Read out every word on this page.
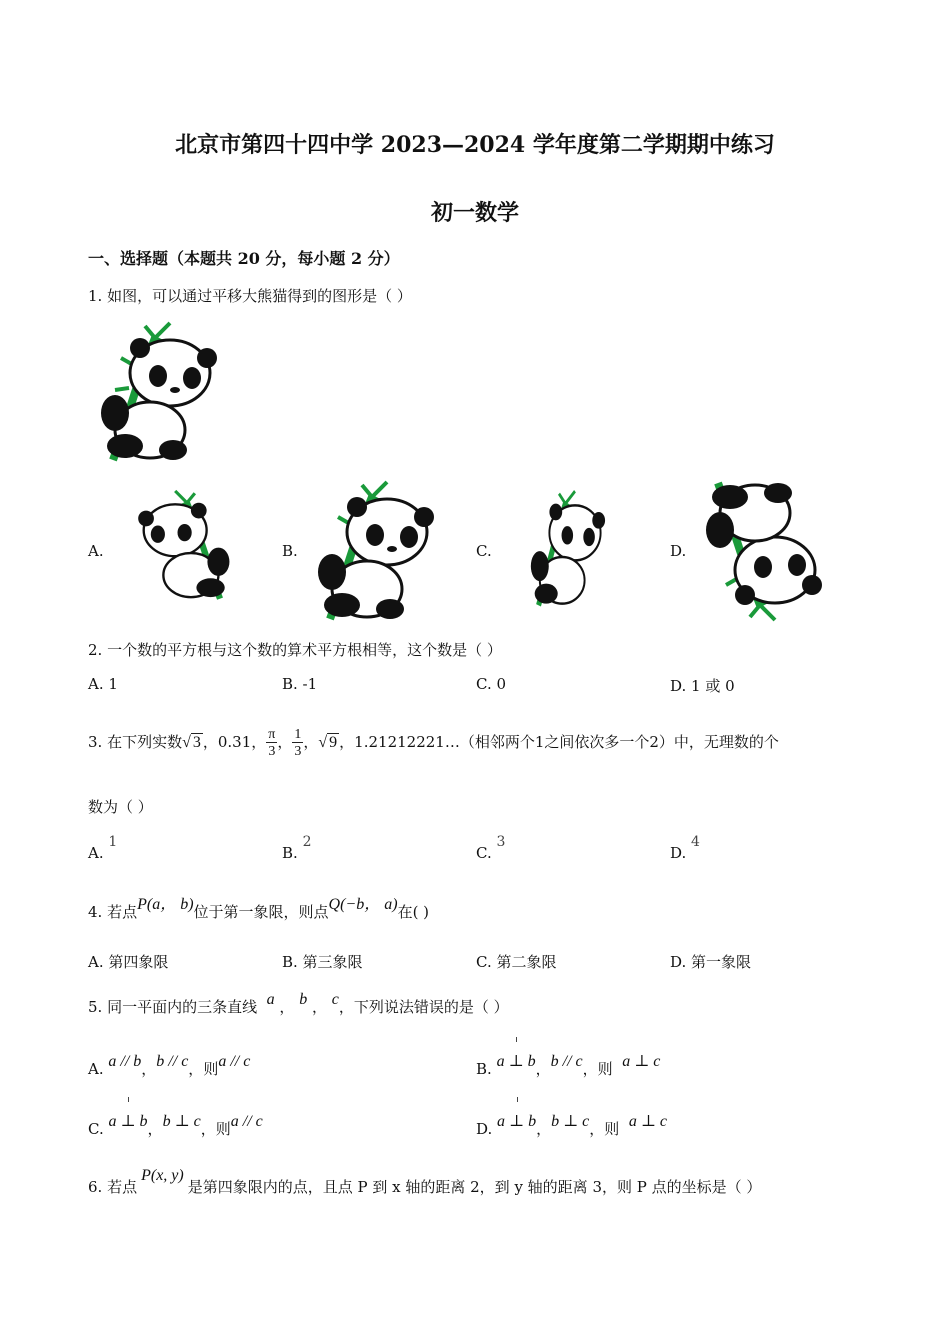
北京市第四十四中学 2023—2024 学年度第二学期期中练习
初一数学
一、选择题（本题共 20 分，每小题 2 分）
1. 如图，可以通过平移大熊猫得到的图形是（ ）
A.	B.	C.	D.
2. 一个数的平方根与这个数的算术平方根相等，这个数是（ ）
A. 1	B. -1	C. 0	D. 1 或 0
3. 在下列实数√ 3 ，0.31， $\frac{\pi}{3}$ ， $\frac{1}{3}$ ，√ 9 ，1.21212221…（相邻两个1之间依次多一个2）中，无理数的个
数为（ ）
A. 1
B. 2
C. 3
D. 4
4. 若点P(a， b)位于第一象限，则点Q(−b， a)在( )
A. 第四象限	B. 第三象限	C. 第二象限	D. 第一象限
5. 同一平面内的三条直线 a ， b ， c，下列说法错误的是（ ）
A. a // b，b // c，则a // c	B. a ⊥ b，b // c，则 a ⊥ c
C. a ⊥ b，b ⊥ c，则a // c	D. a ⊥ b，b ⊥ c，则 a ⊥ c
6. 若点P(x, y)是第四象限内的点，且点 P 到 x 轴的距离 2，到 y 轴的距离 3，则 P 点的坐标是（ ）
